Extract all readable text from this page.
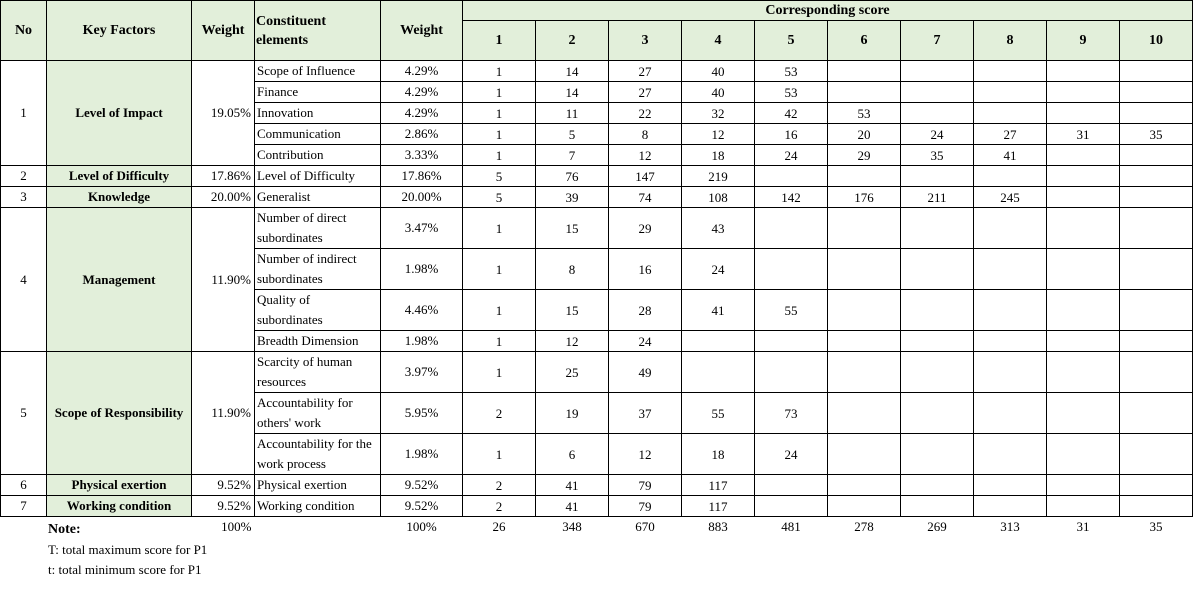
No	Key Factors	Weight	Constituent elements	Weight	Corresponding score									
					1	2	3	4	5	6	7	8	9	10
1	Level of Impact	19.05%	Scope of Influence	4.29%	1	14	27	40	53					
			Finance	4.29%	1	14	27	40	53					
			Innovation	4.29%	1	11	22	32	42	53				
			Communication	2.86%	1	5	8	12	16	20	24	27	31	35
			Contribution	3.33%	1	7	12	18	24	29	35	41		
2	Level of Difficulty	17.86%	Level of Difficulty	17.86%	5	76	147	219						
3	Knowledge	20.00%	Generalist	20.00%	5	39	74	108	142	176	211	245		
4	Management	11.90%	Number of direct subordinates	3.47%	1	15	29	43						
			Number of indirect subordinates	1.98%	1	8	16	24						
			Quality of subordinates	4.46%	1	15	28	41	55					
			Breadth Dimension	1.98%	1	12	24							
5	Scope of Responsibility	11.90%	Scarcity of human resources	3.97%	1	25	49							
			Accountability for others' work	5.95%	2	19	37	55	73					
			Accountability for the work process	1.98%	1	6	12	18	24					
6	Physical exertion	9.52%	Physical exertion	9.52%	2	41	79	117						
7	Working condition	9.52%	Working condition	9.52%	2	41	79	117						
		100%		100%	26	348	670	883	481	278	269	313	31	35
Note:
T: total maximum score for P1
t: total minimum score for P1
